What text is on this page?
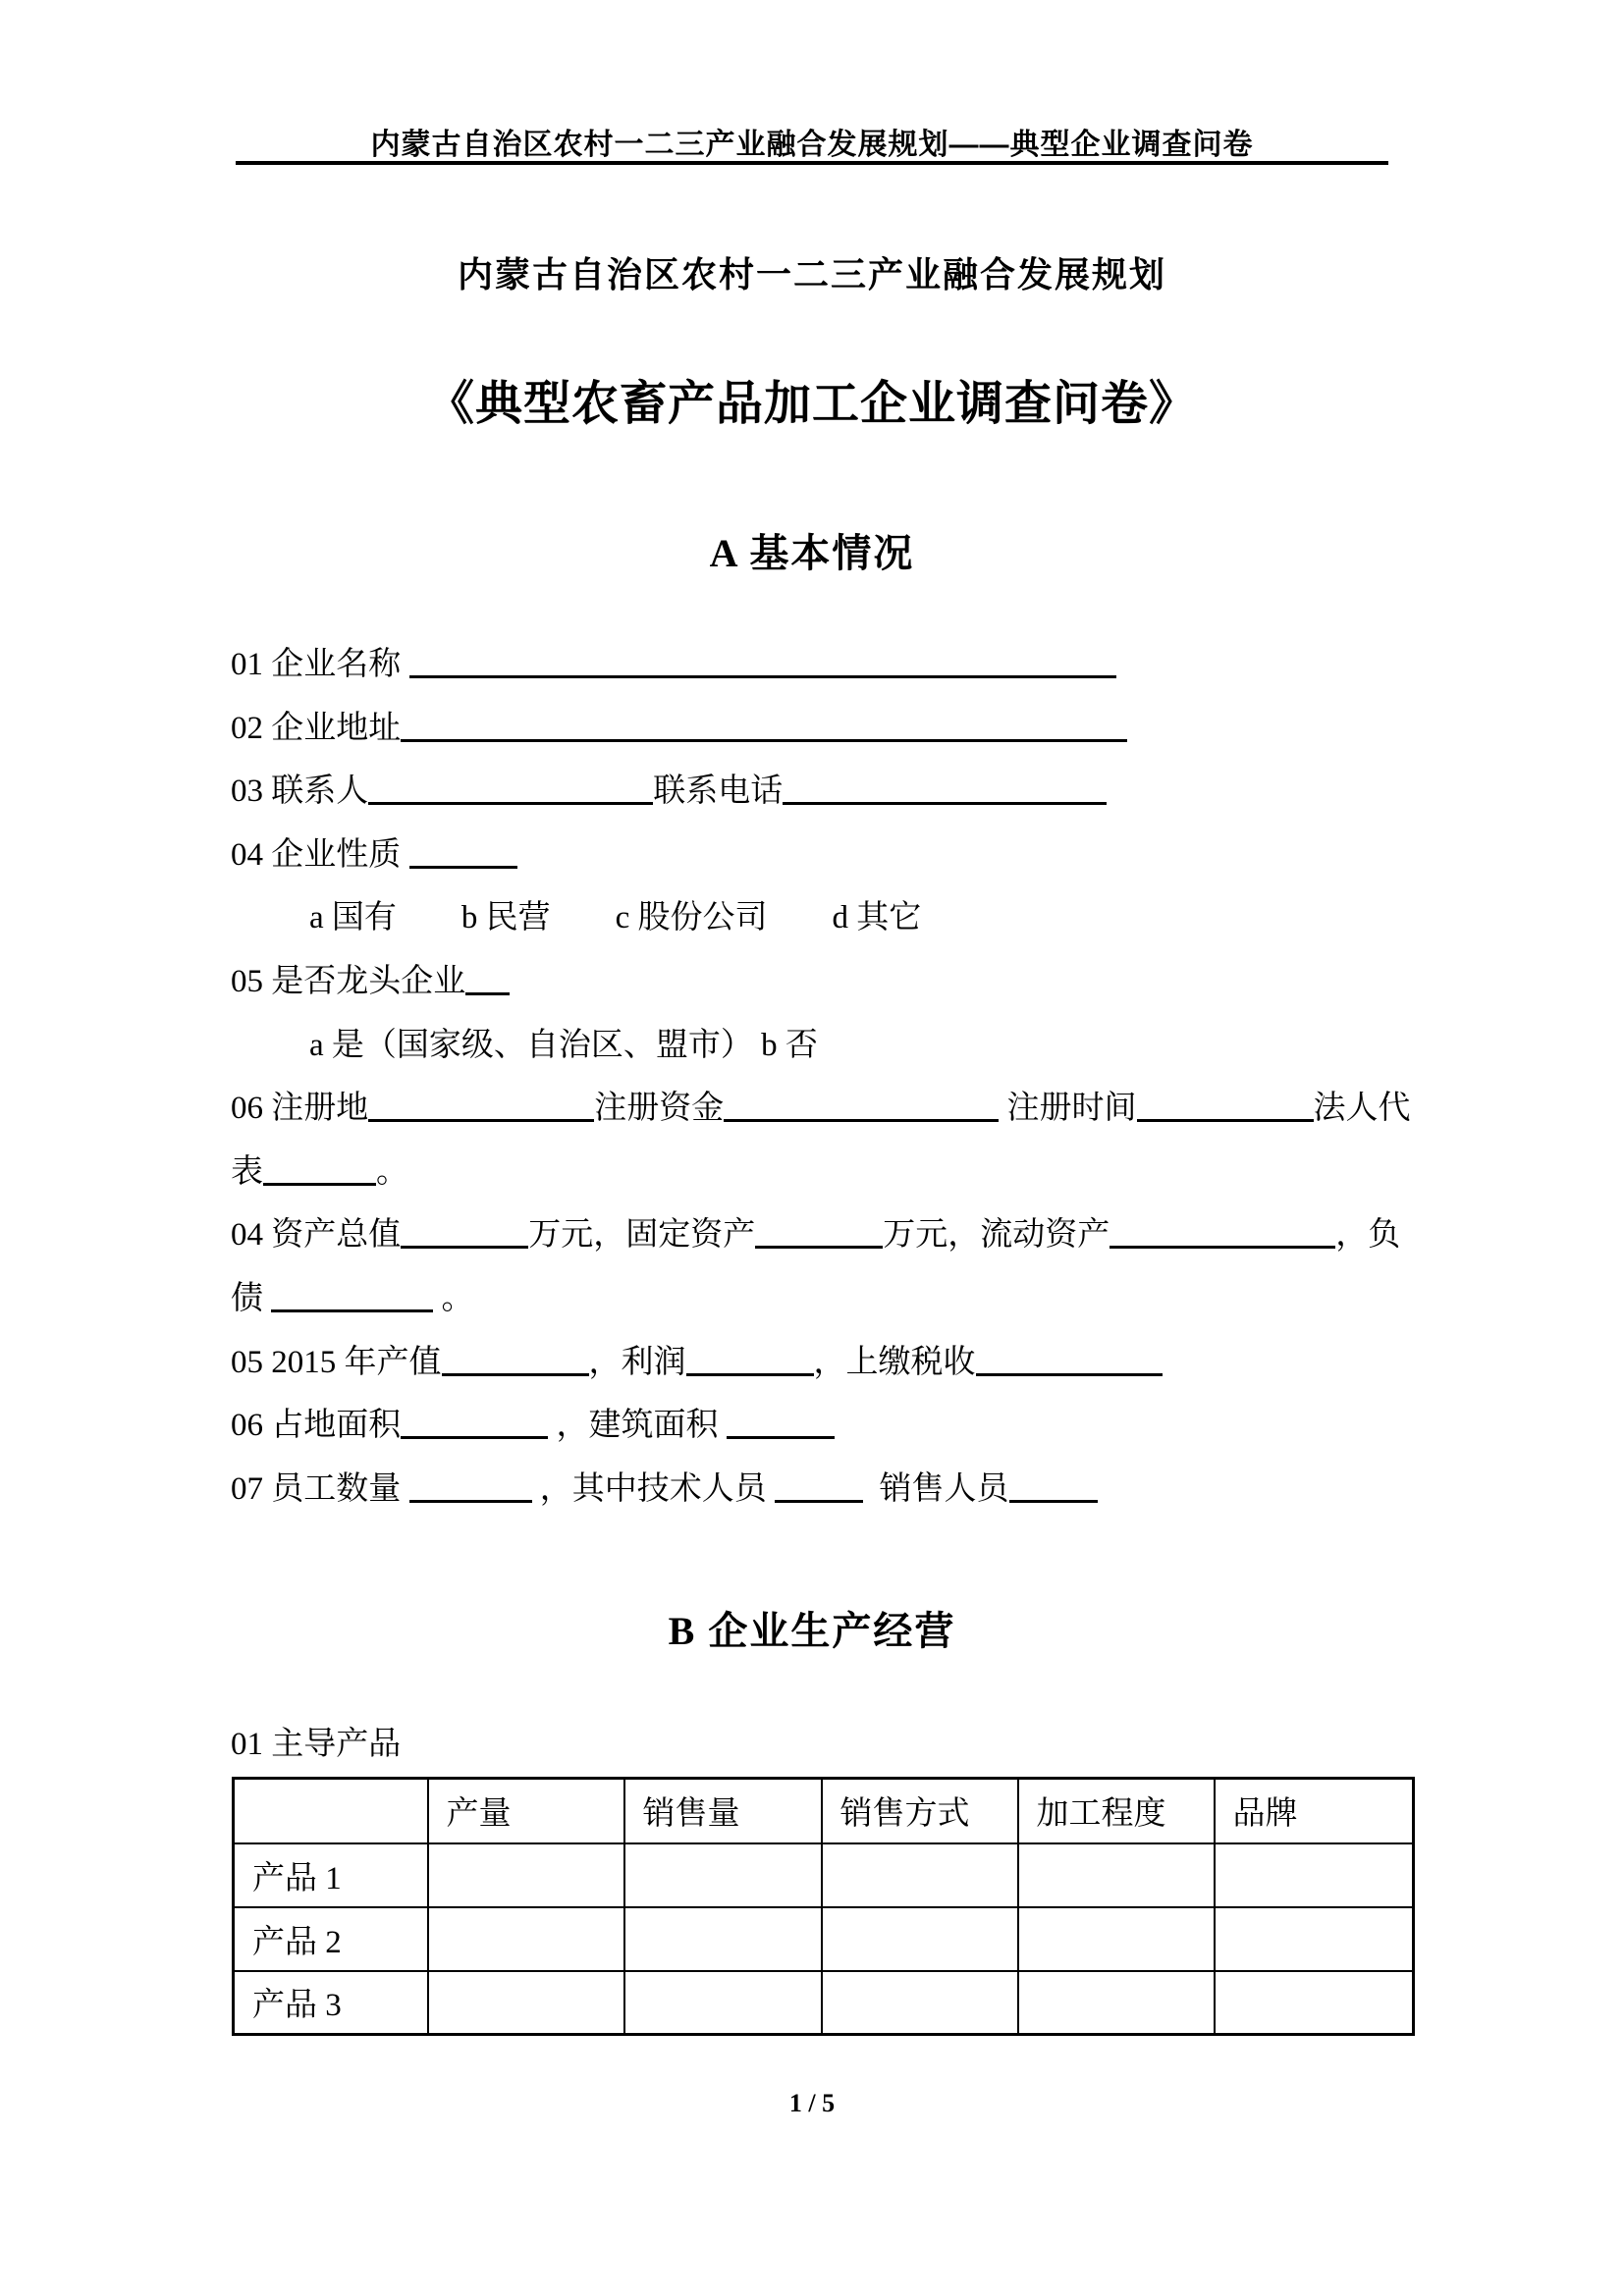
内蒙古自治区农村一二三产业融合发展规划——典型企业调查问卷
内蒙古自治区农村一二三产业融合发展规划
《典型农畜产品加工企业调查问卷》
A 基本情况
01 企业名称
02 企业地址
03 联系人	联系电话
04 企业性质
a 国有　　b 民营　　c 股份公司　　d 其它
05 是否龙头企业
a 是（国家级、自治区、盟市） b 否
06 注册地	注册资金	注册时间	法人代
表	。
04 资产总值	万元，固定资产	万元，流动资产	，负
债	。
05 2015 年产值	，利润	，上缴税收
06 占地面积	，建筑面积
07 员工数量	，其中技术人员	销售人员
B 企业生产经营
01 主导产品
	产量	销售量	销售方式	加工程度	品牌
产品 1					
产品 2					
产品 3					
1 / 5
